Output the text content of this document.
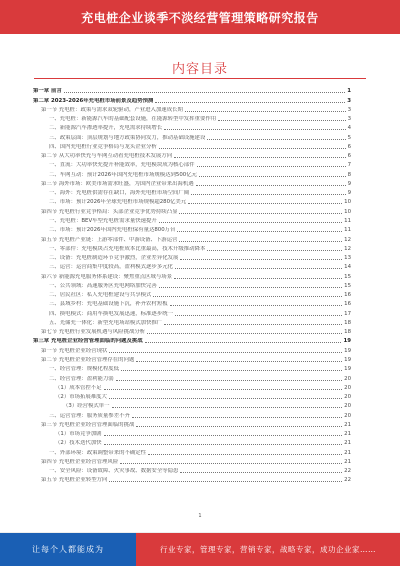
充电桩企业谈季不淡经营管理策略研究报告
内容目录
第一章 前言	1
第二章 2023-2026年充电桩市场前景及趋势预测	3
第一节 充电桩：政策与需求双轮驱动，产业进入加速成长期	3
一、充电桩：新能源汽车的基础配套设施，在能源转型中发挥重要作用	3
二、新能源汽车渗透率提升，充电需求持续增长	4
三、政策层面：顶层规划与地方政策协同发力，推动基础设施建设	5
四、国内充电桩行业竞争格局与龙头企业分析	6
第二节 从大功率快充与车网互动看充电桩技术发展方向	6
一、直流：大功率快充提升补能效率，充电模块成为核心部件	7
二、车网互动：预计2026年国内充电桩市场规模达到500亿元	8
第三节 海外市场：欧美市场需求旺盛，为国内企业带来出海机遇	9
一、海外：充电桩供需存在缺口，海外充电桩市场空间广阔	9
二、市场：预计2026年全球充电桩市场规模超280亿美元	10
第四节 充电桩行业竞争格局：头部企业竞争优势持续凸显	10
一、充电桩：BEV车型充电桩需求量快速提升	11
二、市场：预计2026年国内充电桩保有量达800万台	11
第五节 充电桩产业链：上游零部件、中游设备、下游运营	12
一、零部件：充电模块占充电桩成本比重最高，技术升级推动降本	12
二、设备：充电桩制造环节竞争激烈，企业差异化发展	13
三、运营：运营商集中度较高，盈利模式逐步多元化	14
第六节 新能源充电服务体系建设：聚焦重点区域与场景	15
一、公共领域：高速服务区充电网络加快完善	15
二、居民社区：私人充电桩建设与共享模式	16
三、县域乡村：充电基础设施下沉，补齐农村短板	16
四、换电模式：商用车换电发展迅速，标准逐步统一	17
五、光储充一体化：新型充电场站模式加快推广	18
第七节 充电桩行业发展机遇与风险挑战分析	18
第三章 充电桩企业经营管理面临的问题及挑战	19
第一节 充电桩企业经营现状	19
第二节 充电桩企业经营管理存在的问题	19
一、经营管理：规模化程度低	19
二、经营管理：盈利能力弱	20
（1）成本管控不足	20
（2）市场拓展难度大	20
（3）经营模式单一	20
三、运营管理：服务质量参差不齐	20
第三节 充电桩企业经营管理面临的挑战	21
（1）市场竞争加剧	21
（2）技术迭代加快	21
一、外部环境：政策调整带来的不确定性	21
第四节 充电桩企业经营管理风险	21
一、安全风险：设备故障、火灾事故、数据安全等隐患	22
第五节 充电桩企业转型方向	22
1
让每个人都能成为	行业专家，管理专家，营销专家，战略专家，成功企业家……
